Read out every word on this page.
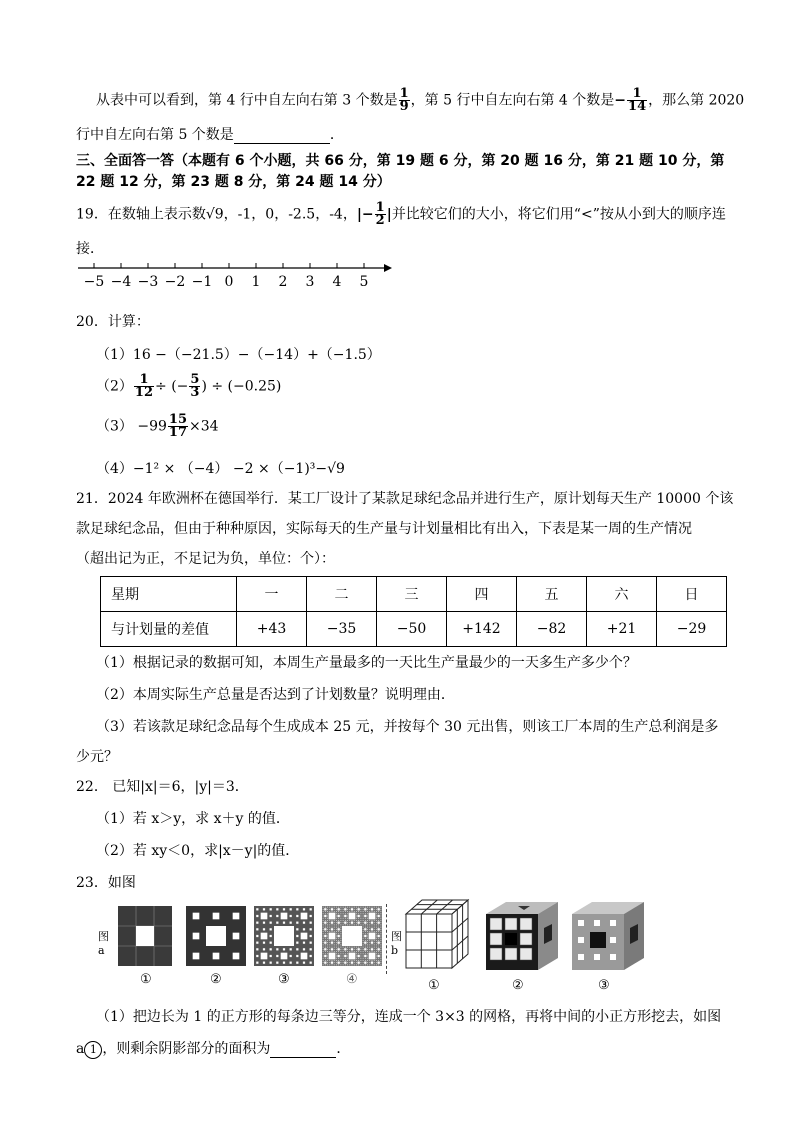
从表中可以看到，第 4 行中自左向右第 3 个数是 $\frac{1}{9}$ ，第 5 行中自左向右第 4 个数是− $\frac{1}{14}$ ，那么第 2020
行中自左向右第 5 个数是	．
三、全面答一答（本题有 6 个小题，共 66 分，第 19 题 6 分，第 20 题 16 分，第 21 题 10 分，第
22 题 12 分，第 23 题 8 分，第 24 题 14 分）
19．在数轴上表示数√9，-1，0，-2.5，-4，|− $\frac{1}{2}$ |并比较它们的大小，将它们用“<”按从小到大的顺序连
接．
−5 −4 −3 −2 −1 0	1	2	3	4	5
20．计算：
（1）16 −（−21.5）−（−14）+（−1.5）
$(2) \frac{1}{12}$ ÷ (− $\frac{5}{3}$ ) ÷ (−0.25)
$(3) -99 \frac{15}{17} \times 34$
（4）−1² × （−4） −2 ×（−1)³−√9
21．2024 年欧洲杯在德国举行．某工厂设计了某款足球纪念品并进行生产，原计划每天生产 10000 个该
款足球纪念品，但由于种种原因，实际每天的生产量与计划量相比有出入，下表是某一周的生产情况
（超出记为正，不足记为负，单位：个）：
星期	一	二	三	四	五	六	日
与计划量的差值	+43	−35	−50	+142	−82	+21	−29
（1）根据记录的数据可知，本周生产量最多的一天比生产量最少的一天多生产多少个？
（2）本周实际生产总量是否达到了计划数量？说明理由．
（3）若该款足球纪念品每个生成成本 25 元，并按每个 30 元出售，则该工厂本周的生产总利润是多
少元？
22． 已知|x|＝6，|y|＝3．
（1）若 x＞y，求 x＋y 的值．
（2）若 xy＜0，求|x－y|的值．
23．如图
图
a
①	②	③	④
图
b
①	②	③
（1）把边长为 1 的正方形的每条边三等分，连成一个 3×3 的网格，再将中间的小正方形挖去，如图
a 1 ，则剩余阴影部分的面积为	．
